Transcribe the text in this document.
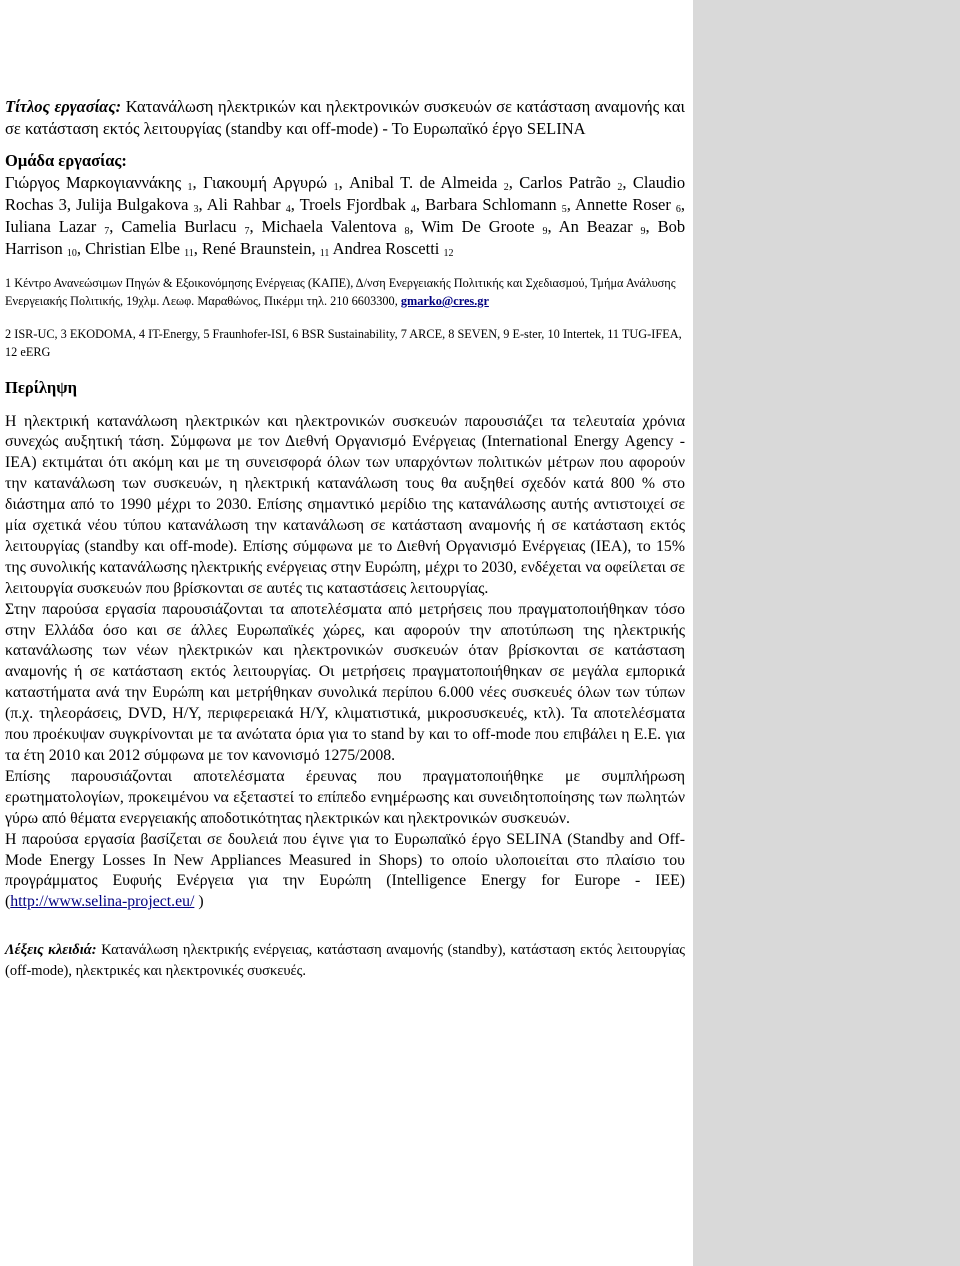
Τίτλος εργασίας: Κατανάλωση ηλεκτρικών και ηλεκτρονικών συσκευών σε κατάσταση αναμονής και σε κατάσταση εκτός λειτουργίας (standby και off-mode) - Το Ευρωπαϊκό έργο SELINA

Ομάδα εργασίας:

Γιώργος Μαρκογιαννάκης $_1$, Γιακουμή Αργυρώ $_1$, Anibal T. de Almeida $_2$, Carlos Patrão $_2$, Claudio Rochas 3, Julija Bulgakova $_3$, Ali Rahbar $_4$, Troels Fjordbak $_4$, Barbara Schlomann $_5$, Annette Roser $_6$, Iuliana Lazar $_7$, Camelia Burlacu $_7$, Michaela Valentova $_8$, Wim De Groote $_9$, An Beazar $_9$, Bob Harrison $_{10}$, Christian Elbe $_{11}$, René Braunstein, $_{11}$ Andrea Roscetti $_{12}$

1 Κέντρο Ανανεώσιμων Πηγών & Εξοικονόμησης Ενέργειας (ΚΑΠΕ), Δ/νση Ενεργειακής Πολιτικής και Σχεδιασμού, Τμήμα Ανάλυσης Ενεργειακής Πολιτικής, 19χλμ. Λεωφ. Μαραθώνος, Πικέρμι τηλ. 210 6603300, gmarko@cres.gr

2 ISR-UC, 3 EKODOMA, 4 IT-Energy, 5 Fraunhofer-ISI, 6 BSR Sustainability, 7 ARCE, 8 SEVEN, 9 E-ster, 10 Intertek, 11 TUG-IFEA, 12 eERG

Περίληψη

Η ηλεκτρική κατανάλωση ηλεκτρικών και ηλεκτρονικών συσκευών παρουσιάζει τα τελευταία χρόνια συνεχώς αυξητική τάση. Σύμφωνα με τον Διεθνή Οργανισμό Ενέργειας (International Energy Agency - IEA) εκτιμάται ότι ακόμη και με τη συνεισφορά όλων των υπαρχόντων πολιτικών μέτρων που αφορούν την κατανάλωση των συσκευών, η ηλεκτρική κατανάλωση τους θα αυξηθεί σχεδόν κατά 800 % στο διάστημα από το 1990 μέχρι το 2030. Επίσης σημαντικό μερίδιο της κατανάλωσης αυτής αντιστοιχεί σε μία σχετικά νέου τύπου κατανάλωση την κατανάλωση σε κατάσταση αναμονής ή σε κατάσταση εκτός λειτουργίας (standby και off-mode). Επίσης σύμφωνα με το Διεθνή Οργανισμό Ενέργειας (IEA), το 15% της συνολικής κατανάλωσης ηλεκτρικής ενέργειας στην Ευρώπη, μέχρι το 2030, ενδέχεται να οφείλεται σε λειτουργία συσκευών που βρίσκονται σε αυτές τις καταστάσεις λειτουργίας.

Στην παρούσα εργασία παρουσιάζονται τα αποτελέσματα από μετρήσεις που πραγματοποιήθηκαν τόσο στην Ελλάδα όσο και σε άλλες Ευρωπαϊκές χώρες, και αφορούν την αποτύπωση της ηλεκτρικής κατανάλωσης των νέων ηλεκτρικών και ηλεκτρονικών συσκευών όταν βρίσκονται σε κατάσταση αναμονής ή σε κατάσταση εκτός λειτουργίας. Οι μετρήσεις πραγματοποιήθηκαν σε μεγάλα εμπορικά καταστήματα ανά την Ευρώπη και μετρήθηκαν συνολικά περίπου 6.000 νέες συσκευές όλων των τύπων (π.χ. τηλεοράσεις, DVD, H/Y, περιφερειακά H/Y, κλιματιστικά, μικροσυσκευές, κτλ). Τα αποτελέσματα που προέκυψαν συγκρίνονται με τα ανώτατα όρια για το stand by και το off-mode που επιβάλει η Ε.Ε. για τα έτη 2010 και 2012 σύμφωνα με τον κανονισμό 1275/2008.

Επίσης παρουσιάζονται αποτελέσματα έρευνας που πραγματοποιήθηκε με συμπλήρωση ερωτηματολογίων, προκειμένου να εξεταστεί το επίπεδο ενημέρωσης και συνειδητοποίησης των πωλητών γύρω από θέματα ενεργειακής αποδοτικότητας ηλεκτρικών και ηλεκτρονικών συσκευών.

Η παρούσα εργασία βασίζεται σε δουλειά που έγινε για το Ευρωπαϊκό έργο SELINA (Standby and Off-Mode Energy Losses In New Appliances Measured in Shops) το οποίο υλοποιείται στο πλαίσιο του προγράμματος Ευφυής Ενέργεια για την Ευρώπη (Intelligence Energy for Europe - IEE) (http://www.selina-project.eu/ )

Λέξεις κλειδιά: Κατανάλωση ηλεκτρικής ενέργειας, κατάσταση αναμονής (standby), κατάσταση εκτός λειτουργίας (off-mode), ηλεκτρικές και ηλεκτρονικές συσκευές.
